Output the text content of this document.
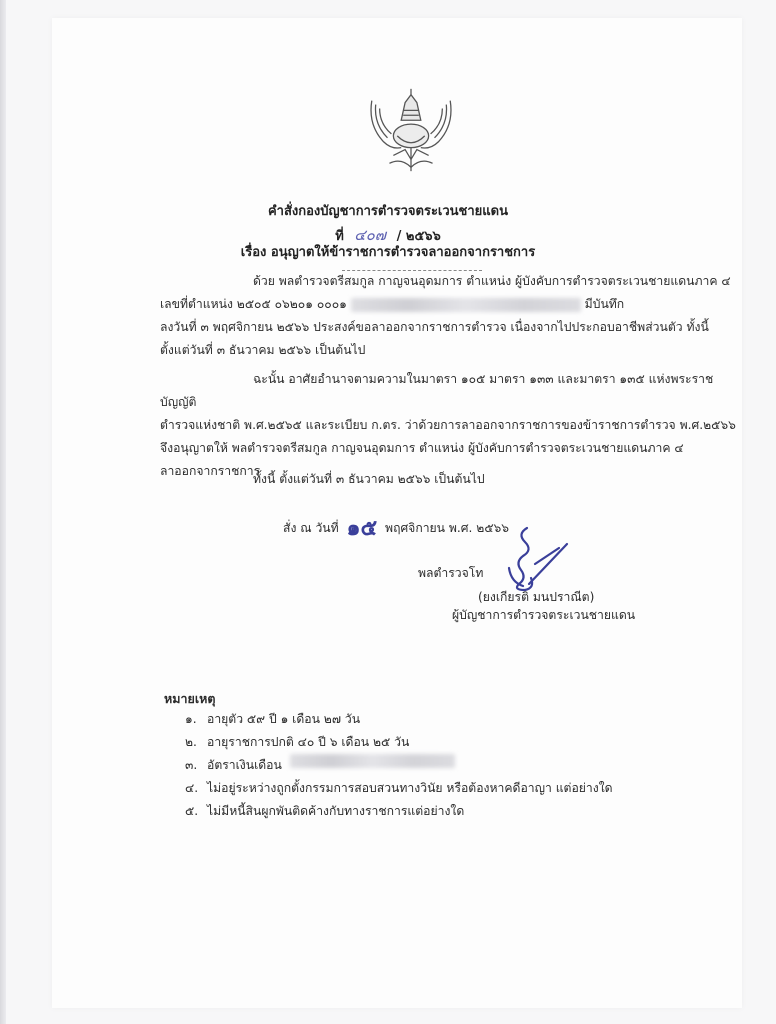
คำสั่งกองบัญชาการตำรวจตระเวนชายแดน
ที่ ๔๐๗ / ๒๕๖๖
เรื่อง อนุญาตให้ข้าราชการตำรวจลาออกจากราชการ
ด้วย พลตำรวจตรีสมกูล กาญจนอุดมการ ตำแหน่ง ผู้บังคับการตำรวจตระเวนชายแดนภาค ๔
เลขที่ตำแหน่ง ๒๕๐๕ ๐๖๒๐๑ ๐๐๐๑	มีบันทึก
ลงวันที่ ๓ พฤศจิกายน ๒๕๖๖ ประสงค์ขอลาออกจากราชการตำรวจ เนื่องจากไปประกอบอาชีพส่วนตัว ทั้งนี้
ตั้งแต่วันที่ ๓ ธันวาคม ๒๕๖๖ เป็นต้นไป
ฉะนั้น อาศัยอำนาจตามความในมาตรา ๑๐๕ มาตรา ๑๓๓ และมาตรา ๑๓๕ แห่งพระราชบัญญัติ
ตำรวจแห่งชาติ พ.ศ.๒๕๖๕ และระเบียบ ก.ตร. ว่าด้วยการลาออกจากราชการของข้าราชการตำรวจ พ.ศ.๒๕๖๖
จึงอนุญาตให้ พลตำรวจตรีสมกูล กาญจนอุดมการ ตำแหน่ง ผู้บังคับการตำรวจตระเวนชายแดนภาค ๔
ลาออกจากราชการ
ทั้งนี้ ตั้งแต่วันที่ ๓ ธันวาคม ๒๕๖๖ เป็นต้นไป
สั่ง ณ วันที่ ๑๕ พฤศจิกายน พ.ศ. ๒๕๖๖
พลตำรวจโท
(ยงเกียรติ มนปราณีต)
ผู้บัญชาการตำรวจตระเวนชายแดน
หมายเหตุ
๑. อายุตัว ๕๙ ปี ๑ เดือน ๒๗ วัน
๒. อายุราชการปกติ ๔๐ ปี ๖ เดือน ๒๕ วัน
๓. อัตราเงินเดือน
๔. ไม่อยู่ระหว่างถูกตั้งกรรมการสอบสวนทางวินัย หรือต้องหาคดีอาญา แต่อย่างใด
๕. ไม่มีหนี้สินผูกพันติดค้างกับทางราชการแต่อย่างใด
